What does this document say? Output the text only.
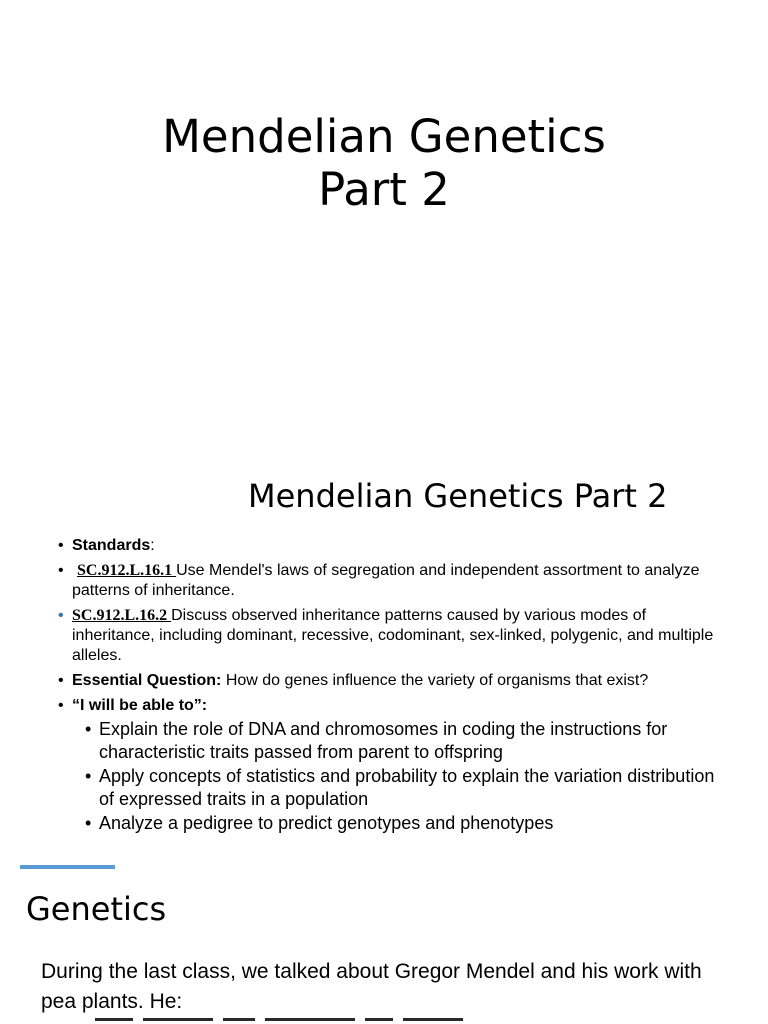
Mendelian Genetics
Part 2
Mendelian Genetics Part 2
• Standards:
• SC.912.L.16.1 Use Mendel's laws of segregation and independent assortment to analyze patterns of inheritance.
• SC.912.L.16.2 Discuss observed inheritance patterns caused by various modes of inheritance, including dominant, recessive, codominant, sex-linked, polygenic, and multiple alleles.
• Essential Question: How do genes influence the variety of organisms that exist?
• “I will be able to”:
• Explain the role of DNA and chromosomes in coding the instructions for characteristic traits passed from parent to offspring
• Apply concepts of statistics and probability to explain the variation distribution of expressed traits in a population
• Analyze a pedigree to predict genotypes and phenotypes
Genetics
During the last class, we talked about Gregor Mendel and his work with pea plants. He:
